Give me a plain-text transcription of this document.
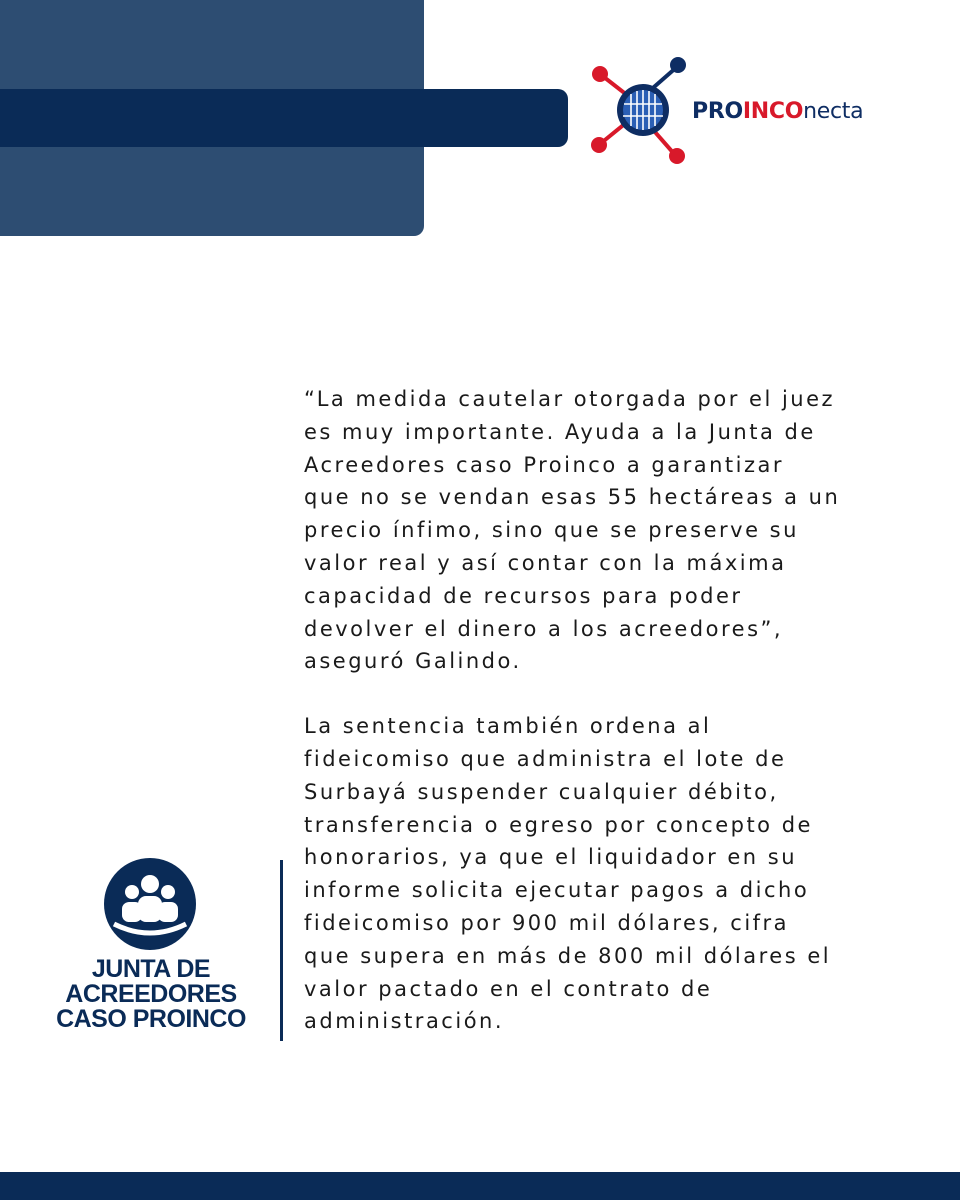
PROINCOnecta

“La medida cautelar otorgada por el juez
es muy importante. Ayuda a la Junta de
Acreedores caso Proinco a garantizar
que no se vendan esas 55 hectáreas a un
precio ínfimo, sino que se preserve su
valor real y así contar con la máxima
capacidad de recursos para poder
devolver el dinero a los acreedores”,
aseguró Galindo.

La sentencia también ordena al
fideicomiso que administra el lote de
Surbayá suspender cualquier débito,
transferencia o egreso por concepto de
honorarios, ya que el liquidador en su
informe solicita ejecutar pagos a dicho
fideicomiso por 900 mil dólares, cifra
que supera en más de 800 mil dólares el
valor pactado en el contrato de
administración.

JUNTA DE
ACREEDORES
CASO PROINCO
